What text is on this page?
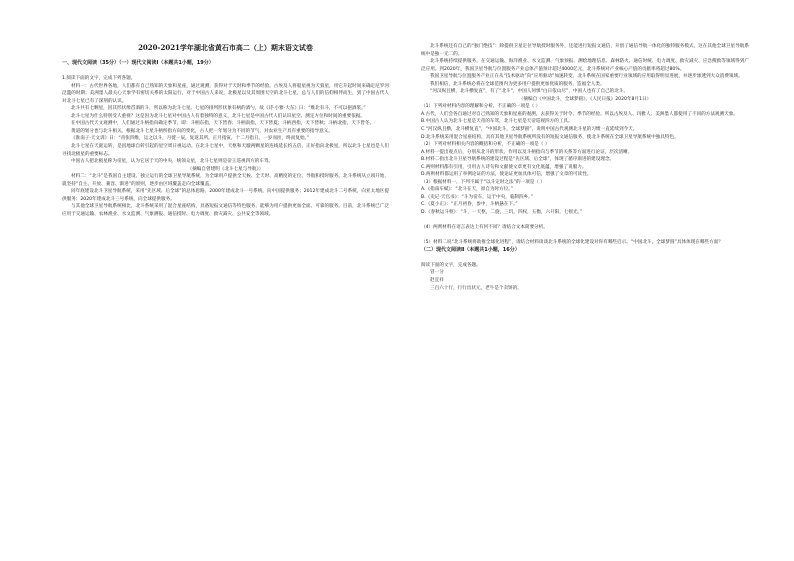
2020-2021学年湖北省黄石市高二（上）期末语文试卷

一、现代文阅读（35分）（一）现代文阅读Ⅰ（本题共1小题，19分）

1.阅读下面的文字，完成下列各题。

材料一：古代世界各地，人们都有自己熟知的天象和星座，通过观测，获得对于天时和季节的经验。古埃及人将船星视为天狼星，用它升起时间来确定尼罗河泛滥的时期；美洲墨人最关心天象学有密切关系的太阳运行，对于中国古人来说，北极星以及其周围天空的北斗七星，总与人们的信仰相伴而生，到了中国古代人对北斗七星已有了深刻的认识。

北斗共有七颗星，因其形状像舀酒的斗，所以称为北斗七星。七星的排列形状象有柄的酒勺，故《诗·小雅·大东》曰：“维北有斗，不可以挹酒浆。”

北斗七星为什么特别受人重视？这是因为北斗七星对中国古人有着独特的意义，北斗七星是中国古代人们认识星空、测定方位和时间的重要依据。

在中国古代天文观测中，人们通过斗柄指向确定季节，即：斗柄东指，天下皆春；斗柄南指，天下皆夏；斗柄西指，天下皆秋；斗柄北指，天下皆冬。

黄道的划分也与北斗相关。根据北斗七星斗柄所指方向的变化，古人把一年划分为不同的节气，对农业生产具有重要的指导意义。

《淮南子·天文训》日：“帝张四维，运之以斗，月徙一辰，复返其所。正月指寅，十二月指丑，一岁而匝，终而复始。”

北斗七星在天庭运转，是因地球自转引起的星空周日视运动。在北斗七星中，天枢和天璇两颗星的连线延长约五倍，正好指向北极星，所以北斗七星也是人们寻找北极星的重要标志。

中国古人把北极星称为帝星，认为它居于天的中央，统领众星，北斗七星则是帝王巡视四方的车驾。

（摘编自曾建明《北斗七星与导航》）

材料二：“北斗”是我国自主建设、独立运行的全球卫星导航系统，为全球用户提供全天候、全天时、高精度的定位、导航和授时服务。北斗系统从立项开始，就坚持“自主、开放、兼容、渐进”的原则，逐步由区域覆盖走向全球覆盖。

同年底建设北斗卫星导航系统，采用“先区域、后全球”的总体思路。2000年建成北斗一号系统，向中国提供服务；2012年建成北斗二号系统，向亚太地区提供服务；2020年建成北斗三号系统，向全球提供服务。

与其他全球卫星导航系统相比，北斗系统采用了混合星座结构，具备短报文通信等特色服务，能够为用户提供更加全面、可靠的服务。目前，北斗系统已广泛应用于交通运输、农林渔业、水文监测、气象测报、通信授时、电力调度、救灾减灾、公共安全等领域。

北斗系统还有自己的“独门绝技”：除提供卫星定位导航授时服务外，还能进行短报文通信，开创了通信导航一体化的独特服务模式，这在其他全球卫星导航系统中是独一无二的。

北斗系统持续提供服务，在交通运输、海洋渔业、水文监测、气象预报、测绘地理信息、森林防火、通信时统、电力调度、救灾减灾、应急搜救等领域得到广泛应用。到2020年，我国卫星导航与位置服务产业总体产值预计超过4000亿元，北斗系统对产业核心产值的贡献率将超过80%。

我国卫星导航与位置服务产业正在从“技术驱动”向“应用驱动”加速转变，北斗系统在国家重要行业领域的应用取得明显进展，并逐步渗透到大众消费领域。

我们相信，北斗系统必将在全球范围内为更多用户提供更加优质的服务，造福全人类。

“河汉纵且横，北斗横复直”，有了“北斗”，中国人何惧“白日依山尽”，中国人也有了自己的北斗。

（摘编自《中国北斗，全球梦圆》，《人民日报》2020年8月1日）

（1）下列对材料内容的理解和分析，不正确的一项是（ ）

A.古代，人们会各自通过对自己熟知的天象和星座的观测，去获得关于时令、季节的经验。所以古埃及人、玛雅人、美洲墨人都使用了不同的方法观测天象。

B.中国古人认为北斗七星是天帝的车驾，北斗七星是天帝巡视四方的工具。

C.“河汉纵且横，北斗横复直”，“中国北斗，全球梦圆”，说明中国古代观测北斗星的习惯一直延续到今天。

D.北斗系统采用混合星座结构，具有其他卫星导航系统所没有的短报文通信服务，使北斗系统在全球卫星导航系统中独具特色。

（2）下列对材料相关内容的概括和分析，不正确的一项是（ ）

A.材料一提出观点后，分别从北斗的形状、作用以及斗柄指向与季节的关系等方面进行论证，层次清晰。

B.材料二指出北斗卫星导航系统的建设过程是“先区域、后全球”，体现了循序渐进的建设理念。

C.两则材料都有引用，引用古人诗句和文献使文章更有文化底蕴，增强了说服力。

D.两则材料都运用了举例论证的方法，使论证更加具体可信，增强了文章的可读性。

（3）根据材料一，下列不属于“以斗定时之法”的一项是（ ）

A.《指南车赋》：“北斗在天，原自为时方位。”

B.《史记·天官书》：“斗为帝车，运于中央，临制四乡。”

C.《夏小正》：“正月初昏，参中，斗柄悬在下。”

D.《春秋运斗枢》：“斗，一天枢，二旋，三玑，四权，五衡，六开阳，七摇光。”

（4）两则材料在语言表达上有何不同？请结合文本简要分析。

（5）材料二说“北斗系统将助推全球化进程”，请结合材料谈谈北斗系统的全球化建设对你有哪些启示。“中国北斗，全球梦圆”具体体现在哪些方面？

（二）现代文阅读Ⅱ（本题共1小题，16分）

阅读下面的文字，完成各题。

冒一分

赵宜祥

三百六十行，行行出状元，老牛是个卖饼的。
